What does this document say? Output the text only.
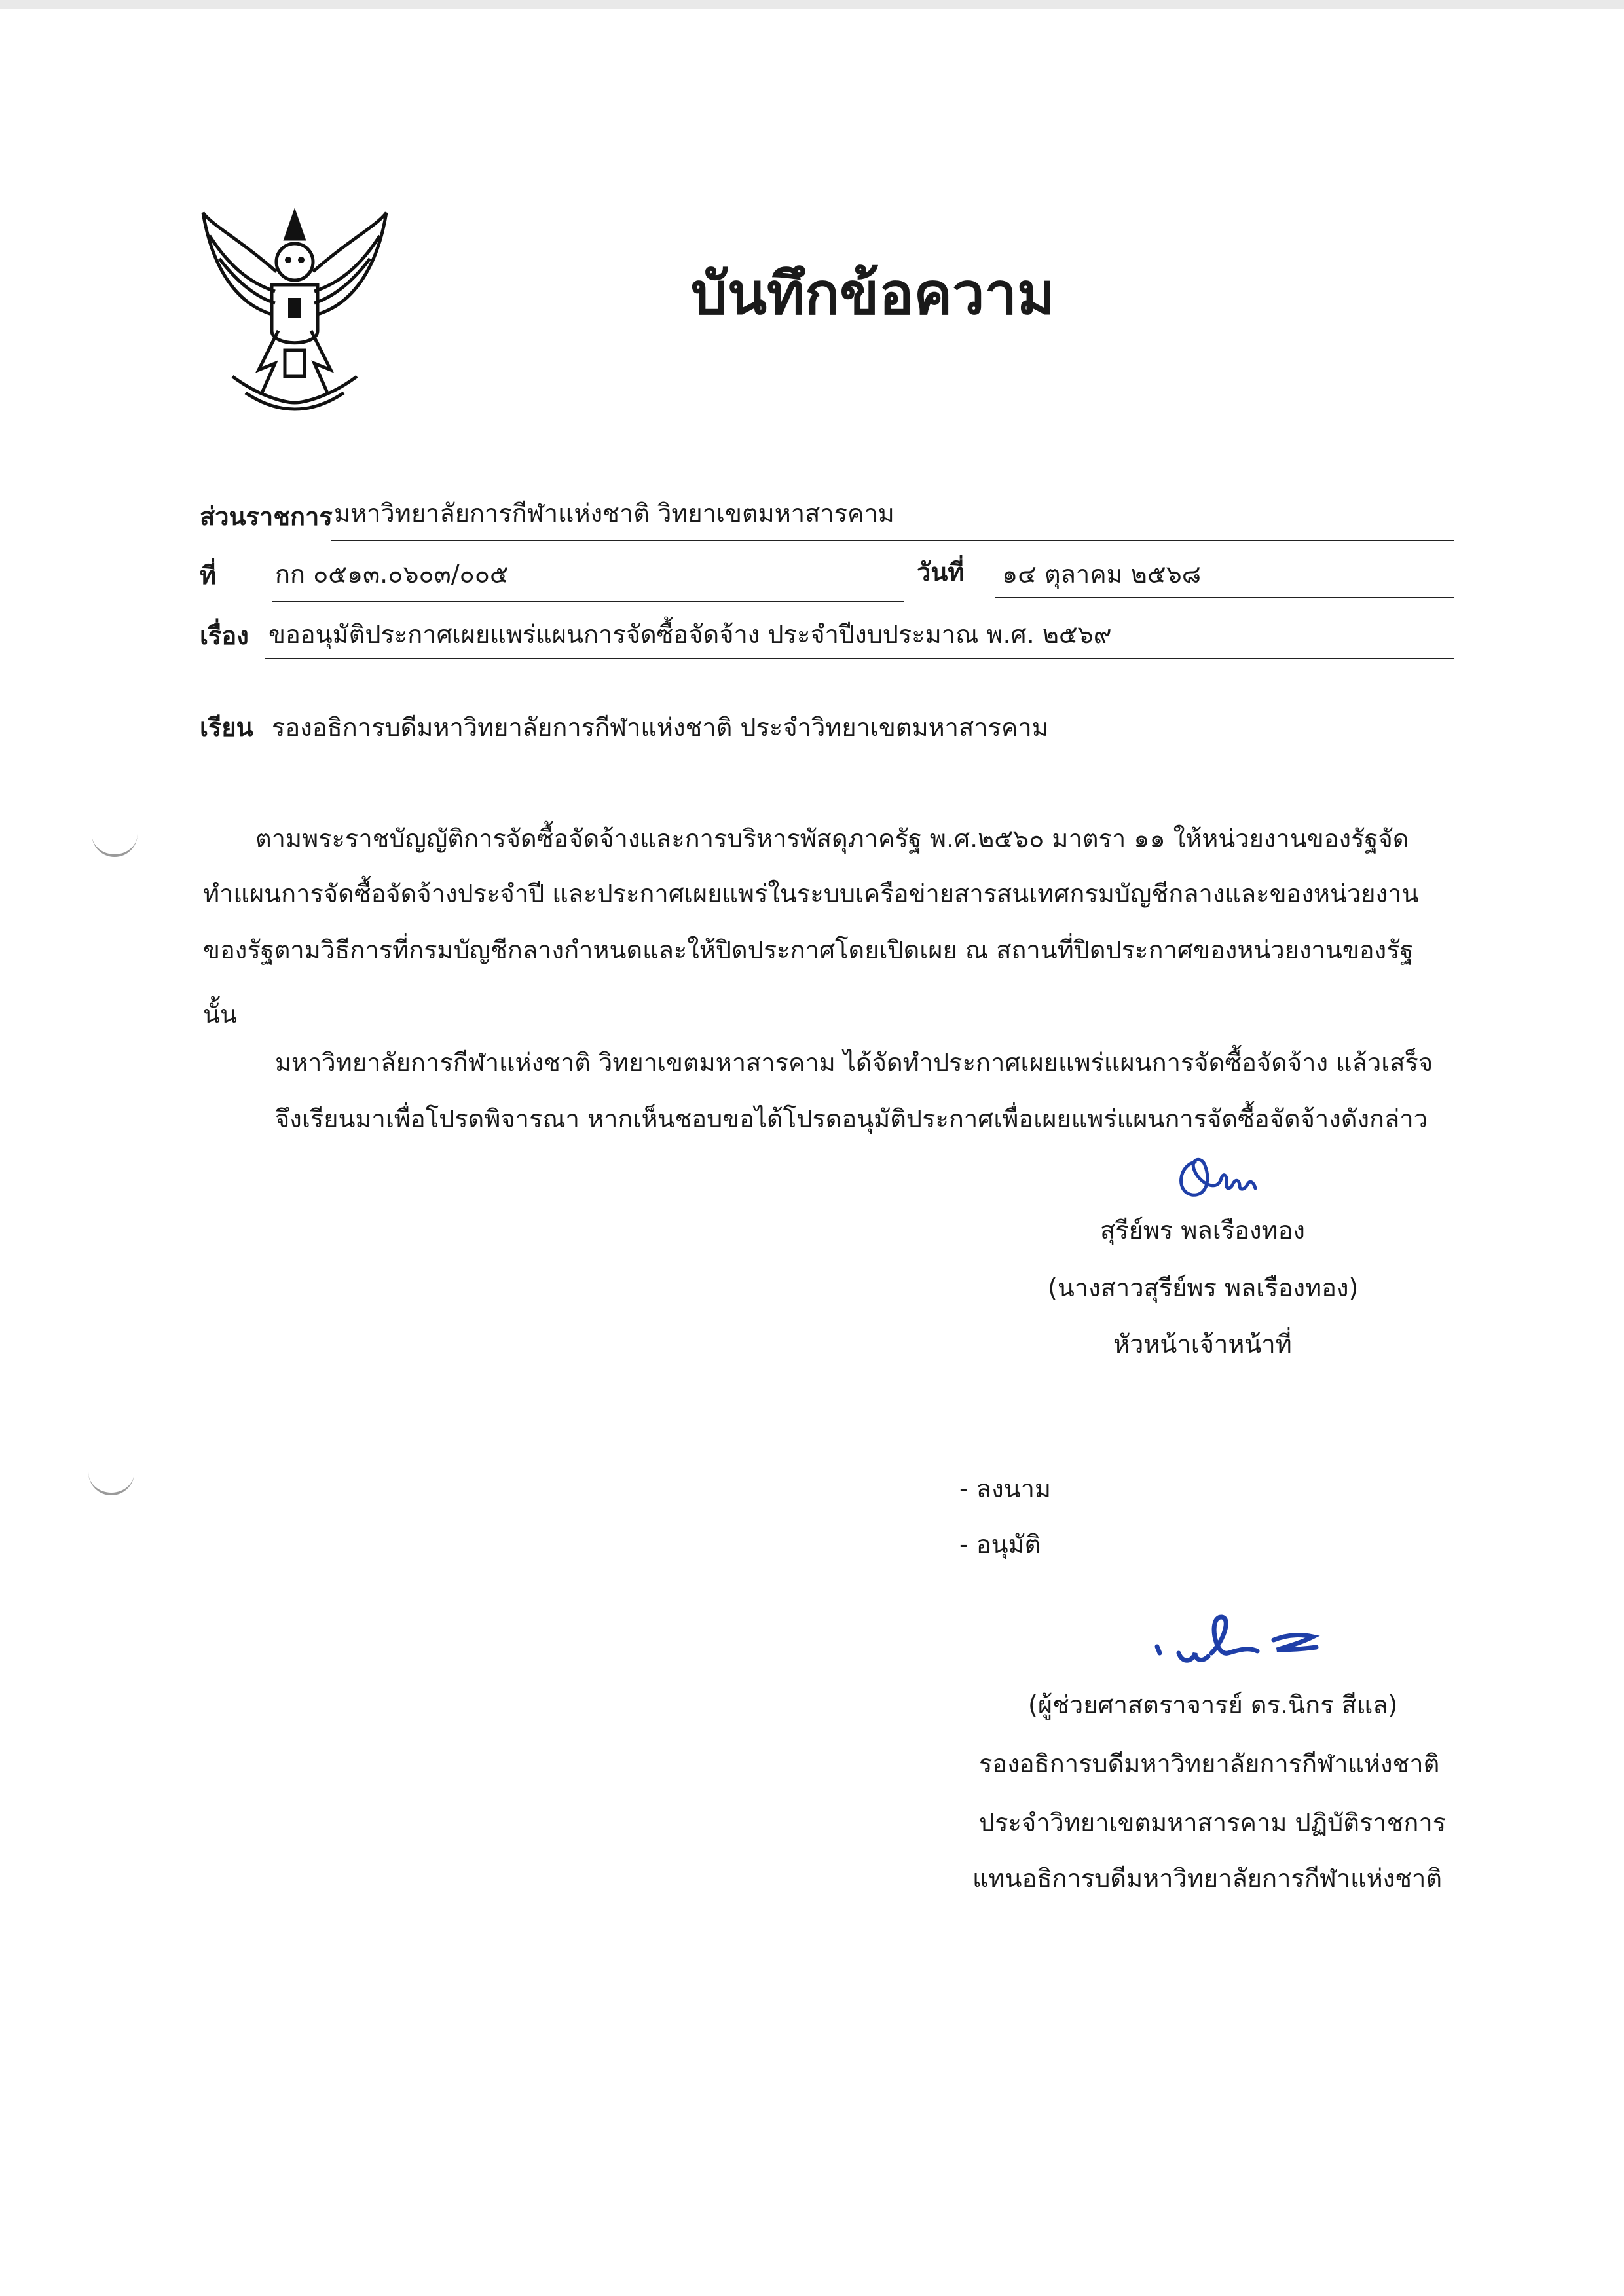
บันทึกข้อความ
ส่วนราชการ มหาวิทยาลัยการกีฬาแห่งชาติ วิทยาเขตมหาสารคาม
ที่ กก ๐๕๑๓.๐๖๐๓/๐๐๕	วันที่ ๑๔ ตุลาคม ๒๕๖๘
เรื่อง ขออนุมัติประกาศเผยแพร่แผนการจัดซื้อจัดจ้าง ประจำปีงบประมาณ พ.ศ. ๒๕๖๙
เรียน รองอธิการบดีมหาวิทยาลัยการกีฬาแห่งชาติ ประจำวิทยาเขตมหาสารคาม
ตามพระราชบัญญัติการจัดซื้อจัดจ้างและการบริหารพัสดุภาครัฐ พ.ศ.๒๕๖๐ มาตรา ๑๑ ให้หน่วยงานของรัฐจัด
ทำแผนการจัดซื้อจัดจ้างประจำปี และประกาศเผยแพร่ในระบบเครือข่ายสารสนเทศกรมบัญชีกลางและของหน่วยงาน
ของรัฐตามวิธีการที่กรมบัญชีกลางกำหนดและให้ปิดประกาศโดยเปิดเผย ณ สถานที่ปิดประกาศของหน่วยงานของรัฐ
นั้น
มหาวิทยาลัยการกีฬาแห่งชาติ วิทยาเขตมหาสารคาม ได้จัดทำประกาศเผยแพร่แผนการจัดซื้อจัดจ้าง แล้วเสร็จ
จึงเรียนมาเพื่อโปรดพิจารณา หากเห็นชอบขอได้โปรดอนุมัติประกาศเพื่อเผยแพร่แผนการจัดซื้อจัดจ้างดังกล่าว
สุรีย์พร พลเรืองทอง
(นางสาวสุรีย์พร พลเรืองทอง)
หัวหน้าเจ้าหน้าที่
- ลงนาม
- อนุมัติ
(ผู้ช่วยศาสตราจารย์ ดร.นิกร สีแล)
รองอธิการบดีมหาวิทยาลัยการกีฬาแห่งชาติ
ประจำวิทยาเขตมหาสารคาม ปฏิบัติราชการ
แทนอธิการบดีมหาวิทยาลัยการกีฬาแห่งชาติ
